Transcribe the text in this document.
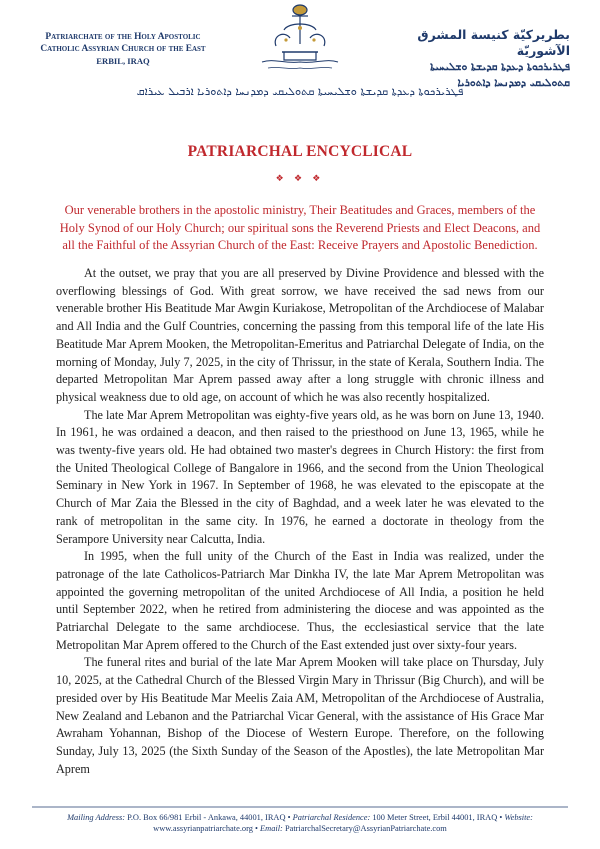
Patriarchate of the Holy Apostolic
Catholic Assyrian Church of the East
ERBIL, IRAQ
بطريركيّة كنيسة المشرق الآشوريّة
ܦܛܪܝܪܟܘܬܐ ܕܥܕܬܐ ܩܕܝܫܬܐ ܘܫܠܝܚܝܬܐ ܩܬܘܠܝܩܝ ܕܡܕܢܚܐ ܕܐܬܘܪܝܐ
ܦܛܪܝܪܟܘܬܐ ܕܥܕܬܐ ܩܕܝܫܬܐ ܘܫܠܝܚܝܬܐ ܩܬܘܠܝܩܝ ܕܡܕܢܚܐ ܕܐܬܘܪܝܐ ܐܪܒܝܠ ܥܝܪܐܩ
PATRIARCHAL ENCYCLICAL
❖ ❖ ❖
Our venerable brothers in the apostolic ministry, Their Beatitudes and Graces, members of the Holy Synod of our Holy Church; our spiritual sons the Reverend Priests and Elect Deacons, and all the Faithful of the Assyrian Church of the East: Receive Prayers and Apostolic Benediction.

At the outset, we pray that you are all preserved by Divine Providence and blessed with the overflowing blessings of God. With great sorrow, we have received the sad news from our venerable brother His Beatitude Mar Awgin Kuriakose, Metropolitan of the Archdiocese of Malabar and All India and the Gulf Countries, concerning the passing from this temporal life of the late His Beatitude Mar Aprem Mooken, the Metropolitan-Emeritus and Patriarchal Delegate of India, on the morning of Monday, July 7, 2025, in the city of Thrissur, in the state of Kerala, Southern India. The departed Metropolitan Mar Aprem passed away after a long struggle with chronic illness and physical weakness due to old age, on account of which he was also recently hospitalized.

The late Mar Aprem Metropolitan was eighty-five years old, as he was born on June 13, 1940. In 1961, he was ordained a deacon, and then raised to the priesthood on June 13, 1965, while he was twenty-five years old. He had obtained two master's degrees in Church History: the first from the United Theological College of Bangalore in 1966, and the second from the Union Theological Seminary in New York in 1967. In September of 1968, he was elevated to the episcopate at the Church of Mar Zaia the Blessed in the city of Baghdad, and a week later he was elevated to the rank of metropolitan in the same city. In 1976, he earned a doctorate in theology from the Serampore University near Calcutta, India.

In 1995, when the full unity of the Church of the East in India was realized, under the patronage of the late Catholicos-Patriarch Mar Dinkha IV, the late Mar Aprem Metropolitan was appointed the governing metropolitan of the united Archdiocese of All India, a position he held until September 2022, when he retired from administering the diocese and was appointed as the Patriarchal Delegate to the same archdiocese. Thus, the ecclesiastical service that the late Metropolitan Mar Aprem offered to the Church of the East extended just over sixty-four years.

The funeral rites and burial of the late Mar Aprem Mooken will take place on Thursday, July 10, 2025, at the Cathedral Church of the Blessed Virgin Mary in Thrissur (Big Church), and will be presided over by His Beatitude Mar Meelis Zaia AM, Metropolitan of the Archdiocese of Australia, New Zealand and Lebanon and the Patriarchal Vicar General, with the assistance of His Grace Mar Awraham Yohannan, Bishop of the Diocese of Western Europe. Therefore, on the following Sunday, July 13, 2025 (the Sixth Sunday of the Season of the Apostles), the late Metropolitan Mar Aprem

Mailing Address: P.O. Box 66/981 Erbil - Ankawa, 44001, IRAQ • Patriarchal Residence: 100 Meter Street, Erbil 44001, IRAQ • Website:
www.assyrianpatriarchate.org • Email: PatriarchalSecretary@AssyrianPatriarchate.com
